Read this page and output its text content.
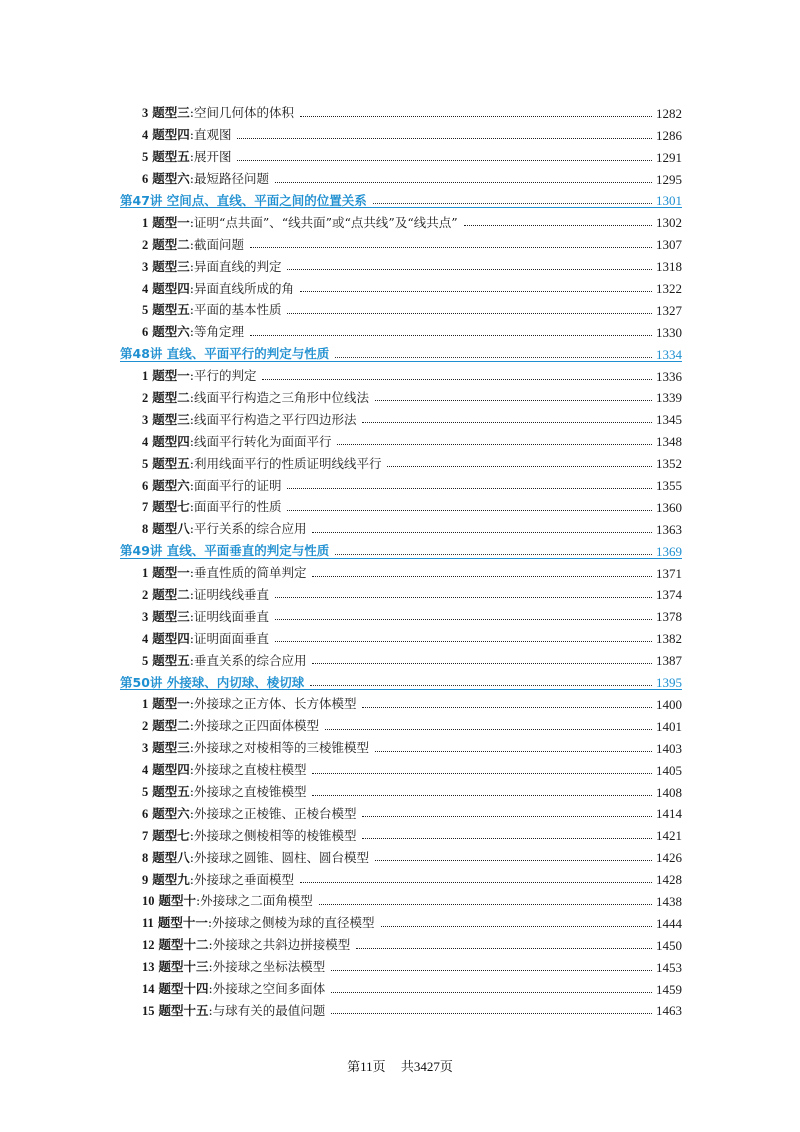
3 题型三:空间几何体的体积	1282
4 题型四:直观图	1286
5 题型五:展开图	1291
6 题型六:最短路径问题	1295
第47讲 空间点、直线、平面之间的位置关系	1301
1 题型一:证明“点共面”、“线共面”或“点共线”及“线共点”	1302
2 题型二:截面问题	1307
3 题型三:异面直线的判定	1318
4 题型四:异面直线所成的角	1322
5 题型五:平面的基本性质	1327
6 题型六:等角定理	1330
第48讲 直线、平面平行的判定与性质	1334
1 题型一:平行的判定	1336
2 题型二:线面平行构造之三角形中位线法	1339
3 题型三:线面平行构造之平行四边形法	1345
4 题型四:线面平行转化为面面平行	1348
5 题型五:利用线面平行的性质证明线线平行	1352
6 题型六:面面平行的证明	1355
7 题型七:面面平行的性质	1360
8 题型八:平行关系的综合应用	1363
第49讲 直线、平面垂直的判定与性质	1369
1 题型一:垂直性质的简单判定	1371
2 题型二:证明线线垂直	1374
3 题型三:证明线面垂直	1378
4 题型四:证明面面垂直	1382
5 题型五:垂直关系的综合应用	1387
第50讲 外接球、内切球、棱切球	1395
1 题型一:外接球之正方体、长方体模型	1400
2 题型二:外接球之正四面体模型	1401
3 题型三:外接球之对棱相等的三棱锥模型	1403
4 题型四:外接球之直棱柱模型	1405
5 题型五:外接球之直棱锥模型	1408
6 题型六:外接球之正棱锥、正棱台模型	1414
7 题型七:外接球之侧棱相等的棱锥模型	1421
8 题型八:外接球之圆锥、圆柱、圆台模型	1426
9 题型九:外接球之垂面模型	1428
10 题型十:外接球之二面角模型	1438
11 题型十一:外接球之侧棱为球的直径模型	1444
12 题型十二:外接球之共斜边拼接模型	1450
13 题型十三:外接球之坐标法模型	1453
14 题型十四:外接球之空间多面体	1459
15 题型十五:与球有关的最值问题	1463
第11页 共3427页
